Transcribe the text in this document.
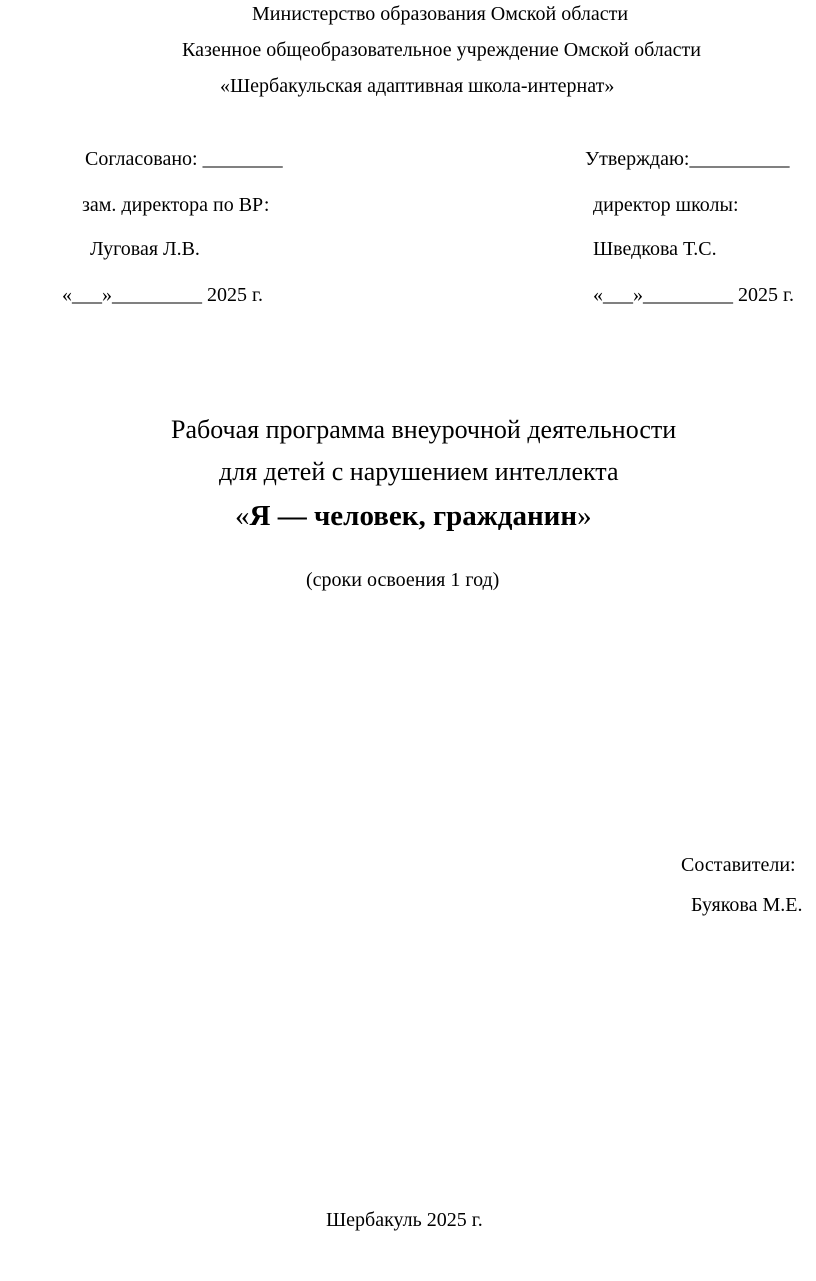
Министерство образования Омской области
Казенное общеобразовательное учреждение Омской области
«Шербакульская адаптивная школа-интернат»
Согласовано: ________
зам. директора по ВР:
Луговая Л.В.
«___»_________ 2025 г.
Утверждаю:__________
директор школы:
Шведкова Т.С.
«___»_________ 2025 г.
Рабочая программа внеурочной деятельности
для детей с нарушением интеллекта
«Я — человек, гражданин»
(сроки освоения 1 год)
Составители:
Буякова М.Е.
Шербакуль 2025 г.
